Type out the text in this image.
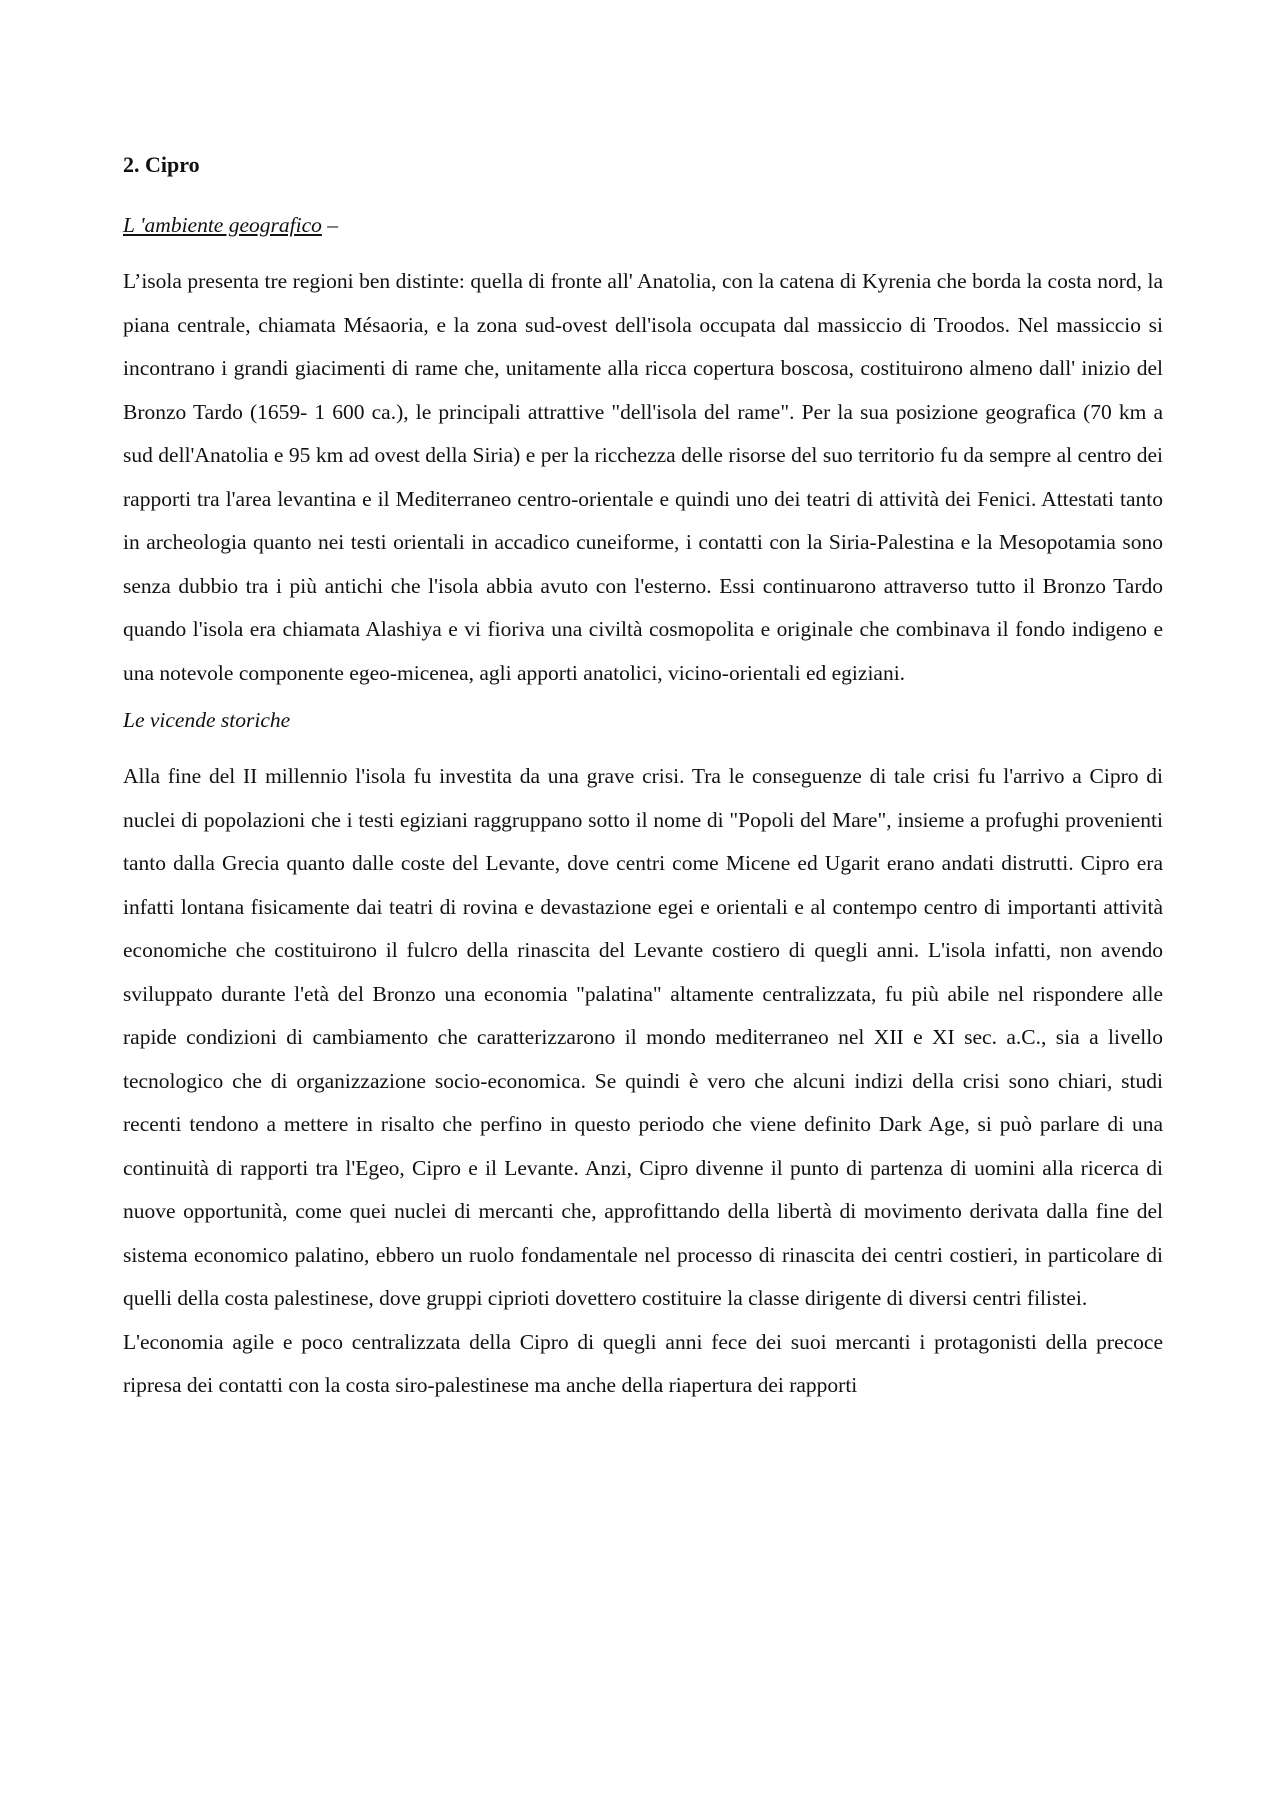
2. Cipro
L 'ambiente geografico –

L’isola presenta tre regioni ben distinte: quella di fronte all' Anatolia, con la catena di Kyrenia che borda la costa nord, la piana centrale, chiamata Mésaoria, e la zona sud-ovest dell'isola occupata dal massiccio di Troodos. Nel massiccio si incontrano i grandi giacimenti di rame che, unitamente alla ricca copertura boscosa, costituirono almeno dall' inizio del Bronzo Tardo (1659- 1 600 ca.), le principali attrattive "dell'isola del rame". Per la sua posizione geografica (70 km a sud dell'Anatolia e 95 km ad ovest della Siria) e per la ricchezza delle risorse del suo territorio fu da sempre al centro dei rapporti tra l'area levantina e il Mediterraneo centro-orientale e quindi uno dei teatri di attività dei Fenici. Attestati tanto in archeologia quanto nei testi orientali in accadico cuneiforme, i contatti con la Siria-Palestina e la Mesopotamia sono senza dubbio tra i più antichi che l'isola abbia avuto con l'esterno. Essi continuarono attraverso tutto il Bronzo Tardo quando l'isola era chiamata Alashiya e vi fioriva una civiltà cosmopolita e originale che combinava il fondo indigeno e una notevole componente egeo-micenea, agli apporti anatolici, vicino-orientali ed egiziani.

Le vicende storiche

Alla fine del II millennio l'isola fu investita da una grave crisi. Tra le conseguenze di tale crisi fu l'arrivo a Cipro di nuclei di popolazioni che i testi egiziani raggruppano sotto il nome di "Popoli del Mare", insieme a profughi provenienti tanto dalla Grecia quanto dalle coste del Levante, dove centri come Micene ed Ugarit erano andati distrutti. Cipro era infatti lontana fisicamente dai teatri di rovina e devastazione egei e orientali e al contempo centro di importanti attività economiche che costituirono il fulcro della rinascita del Levante costiero di quegli anni. L'isola infatti, non avendo sviluppato durante l'età del Bronzo una economia "palatina" altamente centralizzata, fu più abile nel rispondere alle rapide condizioni di cambiamento che caratterizzarono il mondo mediterraneo nel XII e XI sec. a.C., sia a livello tecnologico che di organizzazione socio-economica. Se quindi è vero che alcuni indizi della crisi sono chiari, studi recenti tendono a mettere in risalto che perfino in questo periodo che viene definito Dark Age, si può parlare di una continuità di rapporti tra l'Egeo, Cipro e il Levante. Anzi, Cipro divenne il punto di partenza di uomini alla ricerca di nuove opportunità, come quei nuclei di mercanti che, approfittando della libertà di movimento derivata dalla fine del sistema economico palatino, ebbero un ruolo fondamentale nel processo di rinascita dei centri costieri, in particolare di quelli della costa palestinese, dove gruppi ciprioti dovettero costituire la classe dirigente di diversi centri filistei.

L'economia agile e poco centralizzata della Cipro di quegli anni fece dei suoi mercanti i protagonisti della precoce ripresa dei contatti con la costa siro-palestinese ma anche della riapertura dei rapporti
